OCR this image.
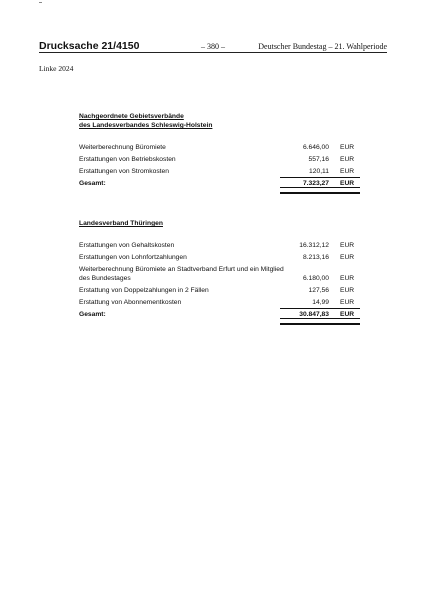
Drucksache 21/4150	– 380 –	Deutscher Bundestag – 21. Wahlperiode
Linke 2024
Nachgeordnete Gebietsverbände
des Landesverbandes Schleswig-Holstein
Weiterberechnung Büromiete	6.646,00 EUR
Erstattungen von Betriebskosten	557,16 EUR
Erstattungen von Stromkosten	120,11 EUR
Gesamt:	7.323,27 EUR
Landesverband Thüringen
Erstattungen von Gehaltskosten	16.312,12 EUR
Erstattungen von Lohnfortzahlungen	8.213,16 EUR
Weiterberechnung Büromiete an Stadtverband Erfurt und ein Mitglied des Bundestages	6.180,00 EUR
Erstattung von Doppelzahlungen in 2 Fällen	127,56 EUR
Erstattung von Abonnementkosten	14,99 EUR
Gesamt:	30.847,83 EUR
